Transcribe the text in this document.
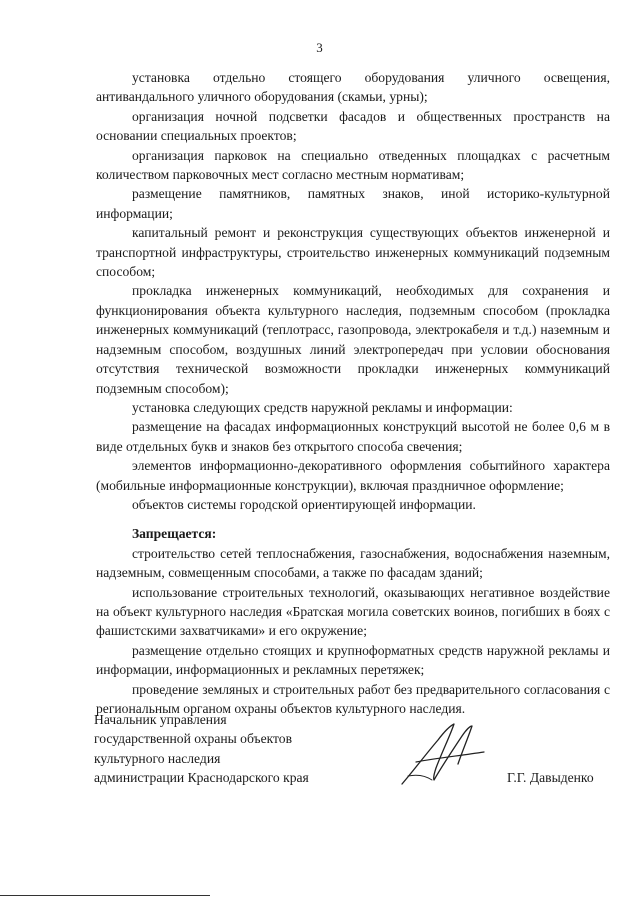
3

установка отдельно стоящего оборудования уличного освещения, антивандального уличного оборудования (скамьи, урны);

организация ночной подсветки фасадов и общественных пространств на основании специальных проектов;

организация парковок на специально отведенных площадках с расчетным количеством парковочных мест согласно местным нормативам;

размещение памятников, памятных знаков, иной историко-культурной информации;

капитальный ремонт и реконструкция существующих объектов инженерной и транспортной инфраструктуры, строительство инженерных коммуникаций подземным способом;

прокладка инженерных коммуникаций, необходимых для сохранения и функционирования объекта культурного наследия, подземным способом (прокладка инженерных коммуникаций (теплотрасс, газопровода, электрокабеля и т.д.) наземным и надземным способом, воздушных линий электропередач при условии обоснования отсутствия технической возможности прокладки инженерных коммуникаций подземным способом);

установка следующих средств наружной рекламы и информации:

размещение на фасадах информационных конструкций высотой не более 0,6 м в виде отдельных букв и знаков без открытого способа свечения;

элементов информационно-декоративного оформления событийного характера (мобильные информационные конструкции), включая праздничное оформление;

объектов системы городской ориентирующей информации.

Запрещается:

строительство сетей теплоснабжения, газоснабжения, водоснабжения наземным, надземным, совмещенным способами, а также по фасадам зданий;

использование строительных технологий, оказывающих негативное воздействие на объект культурного наследия «Братская могила советских воинов, погибших в боях с фашистскими захватчиками» и его окружение;

размещение отдельно стоящих и крупноформатных средств наружной рекламы и информации, информационных и рекламных перетяжек;

проведение земляных и строительных работ без предварительного согласования с региональным органом охраны объектов культурного наследия.

Начальник управления
государственной охраны объектов
культурного наследия
администрации Краснодарского края	Г.Г. Давыденко
